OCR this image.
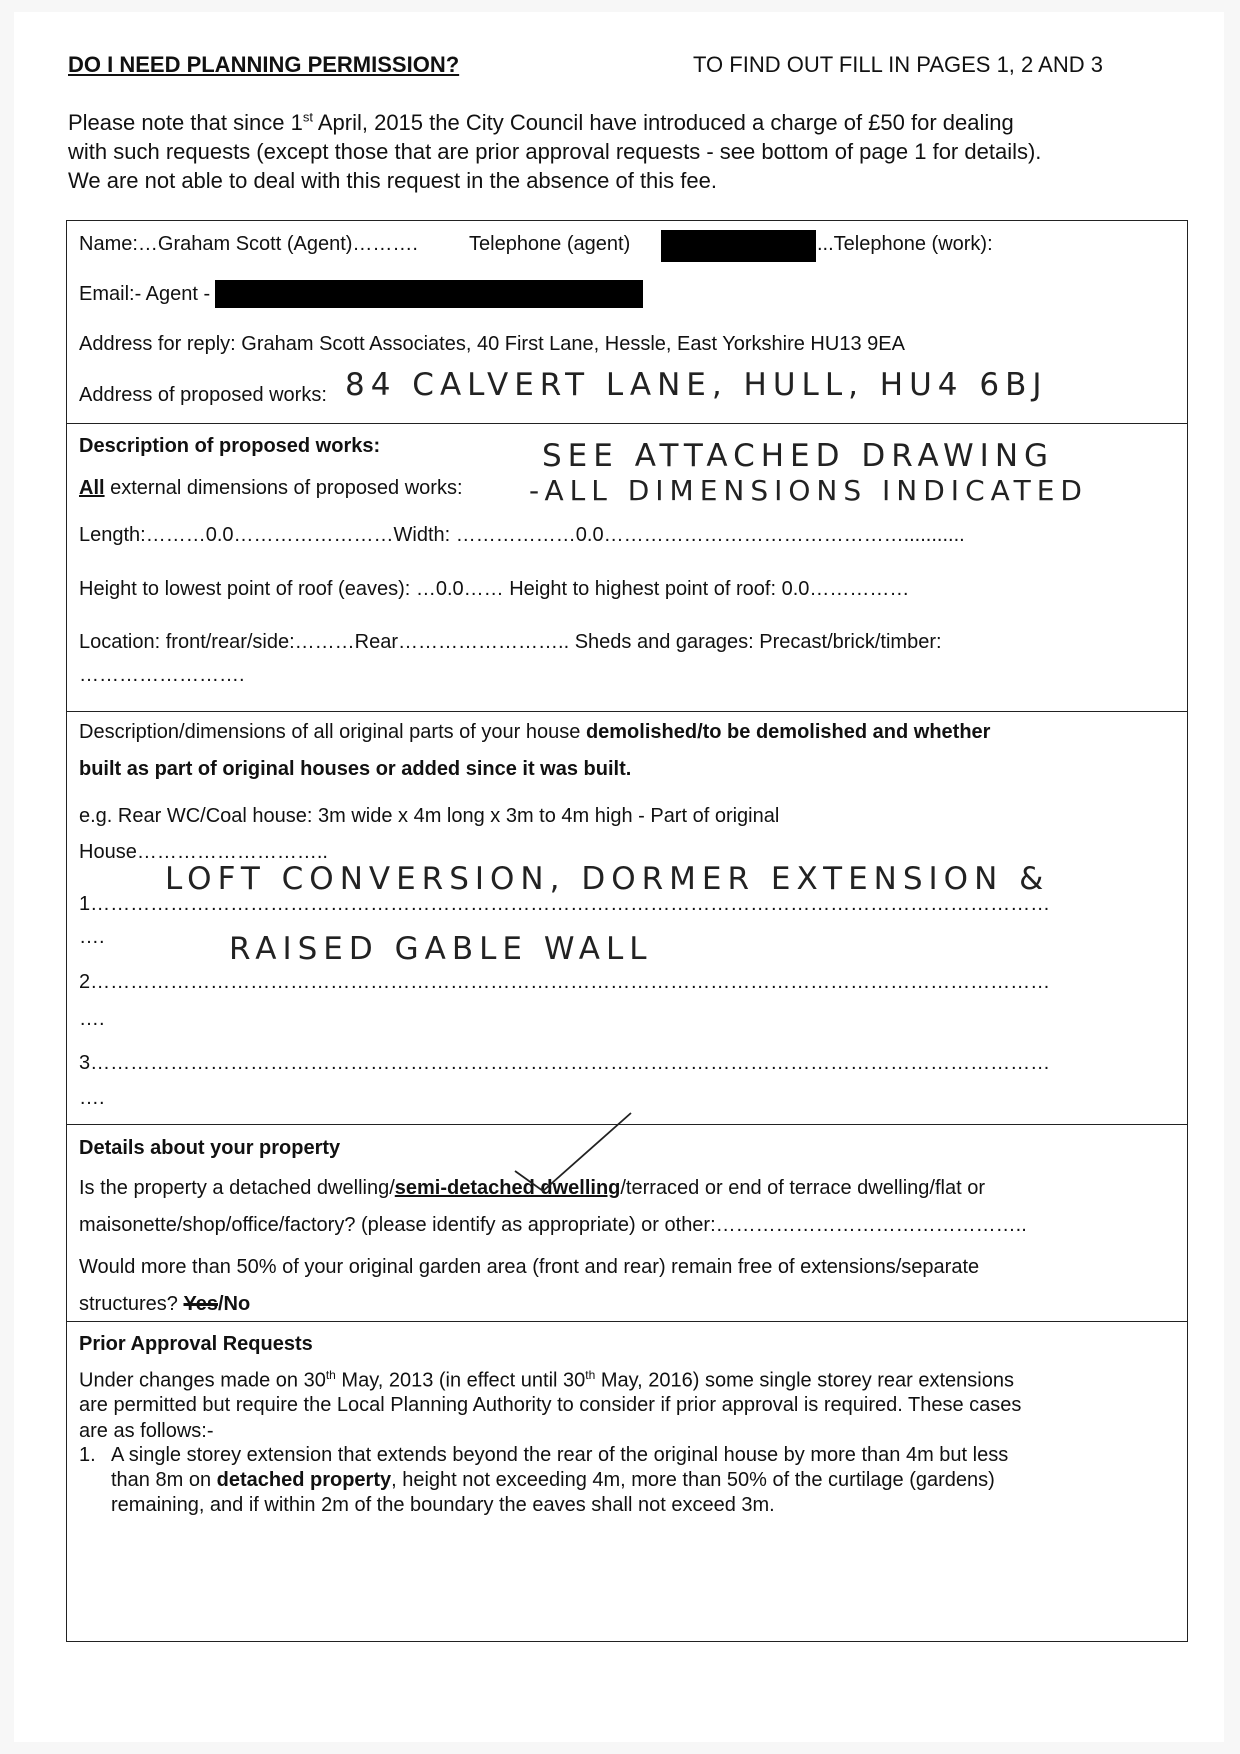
DO I NEED PLANNING PERMISSION?	TO FIND OUT FILL IN PAGES 1, 2 AND 3
Please note that since 1st April, 2015 the City Council have introduced a charge of £50 for dealing
with such requests (except those that are prior approval requests - see bottom of page 1 for details).
We are not able to deal with this request in the absence of this fee.
Name:…Graham Scott (Agent)……….	Telephone (agent)	...Telephone (work):
Email:- Agent -
Address for reply: Graham Scott Associates, 40 First Lane, Hessle, East Yorkshire HU13 9EA
Address of proposed works: 84 CALVERT LANE, HULL, HU4 6BJ
Description of proposed works:
All external dimensions of proposed works:
SEE ATTACHED DRAWING
-ALL DIMENSIONS INDICATED
Length:………0.0……………………Width: ………………0.0………………………………………...........
Height to lowest point of roof (eaves): …0.0…… Height to highest point of roof: 0.0……………
Location: front/rear/side:………Rear…………………….. Sheds and garages: Precast/brick/timber:
…………………….
Description/dimensions of all original parts of your house demolished/to be demolished and whether
built as part of original houses or added since it was built.
e.g. Rear WC/Coal house: 3m wide x 4m long x 3m to 4m high - Part of original
House………………………..
LOFT CONVERSION, DORMER EXTENSION &
1………………………………………………………………………………………………………………………………
….	RAISED GABLE WALL
2………………………………………………………………………………………………………………………………
….
3………………………………………………………………………………………………………………………………
….
Details about your property
Is the property a detached dwelling/semi-detached dwelling/terraced or end of terrace dwelling/flat or
maisonette/shop/office/factory? (please identify as appropriate) or other:………………………………………..
Would more than 50% of your original garden area (front and rear) remain free of extensions/separate
structures? Yes/No
Prior Approval Requests
Under changes made on 30th May, 2013 (in effect until 30th May, 2016) some single storey rear extensions
are permitted but require the Local Planning Authority to consider if prior approval is required. These cases
are as follows:-
1. A single storey extension that extends beyond the rear of the original house by more than 4m but less
than 8m on detached property, height not exceeding 4m, more than 50% of the curtilage (gardens)
remaining, and if within 2m of the boundary the eaves shall not exceed 3m.
